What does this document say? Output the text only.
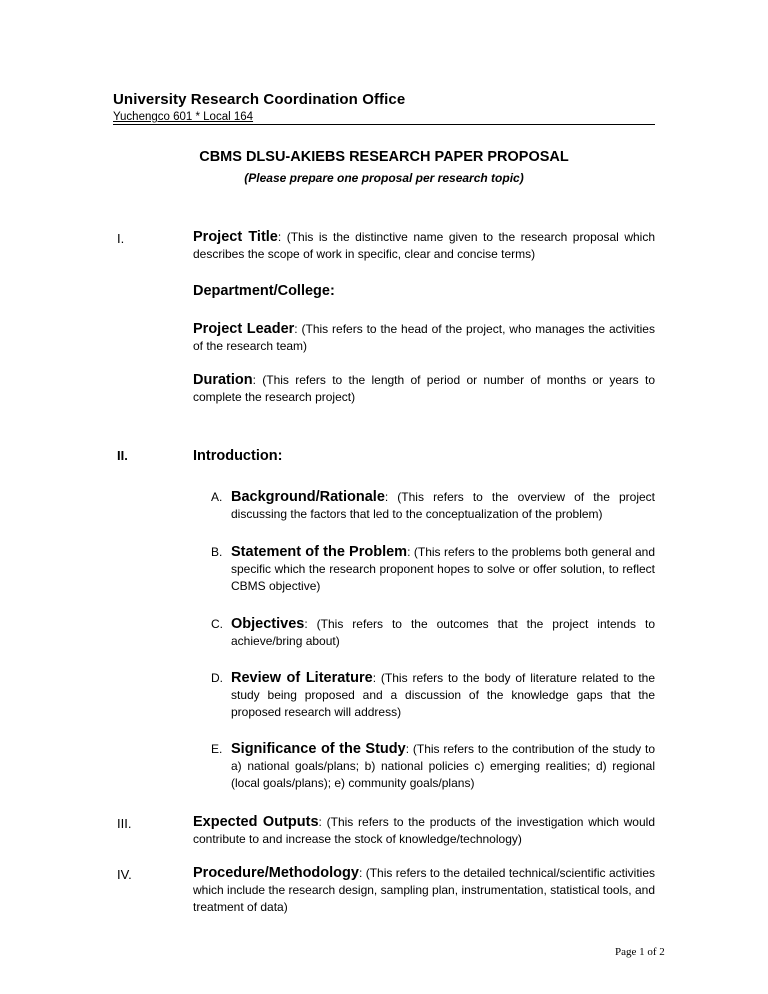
University Research Coordination Office
Yuchengco 601 * Local 164
CBMS DLSU-AKIEBS RESEARCH PAPER PROPOSAL
(Please prepare one proposal per research topic)
I.	Project Title: (This is the distinctive name given to the research proposal which describes the scope of work in specific, clear and concise terms)
Department/College:
Project Leader: (This refers to the head of the project, who manages the activities of the research team)
Duration: (This refers to the length of period or number of months or years to complete the research project)
II.	Introduction:
A. Background/Rationale: (This refers to the overview of the project discussing the factors that led to the conceptualization of the problem)
B. Statement of the Problem: (This refers to the problems both general and specific which the research proponent hopes to solve or offer solution, to reflect CBMS objective)
C. Objectives: (This refers to the outcomes that the project intends to achieve/bring about)
D. Review of Literature: (This refers to the body of literature related to the study being proposed and a discussion of the knowledge gaps that the proposed research will address)
E. Significance of the Study: (This refers to the contribution of the study to a) national goals/plans; b) national policies c) emerging realities; d) regional (local goals/plans); e) community goals/plans)
III.	Expected Outputs: (This refers to the products of the investigation which would contribute to and increase the stock of knowledge/technology)
IV.	Procedure/Methodology: (This refers to the detailed technical/scientific activities which include the research design, sampling plan, instrumentation, statistical tools, and treatment of data)
Page 1 of 2
